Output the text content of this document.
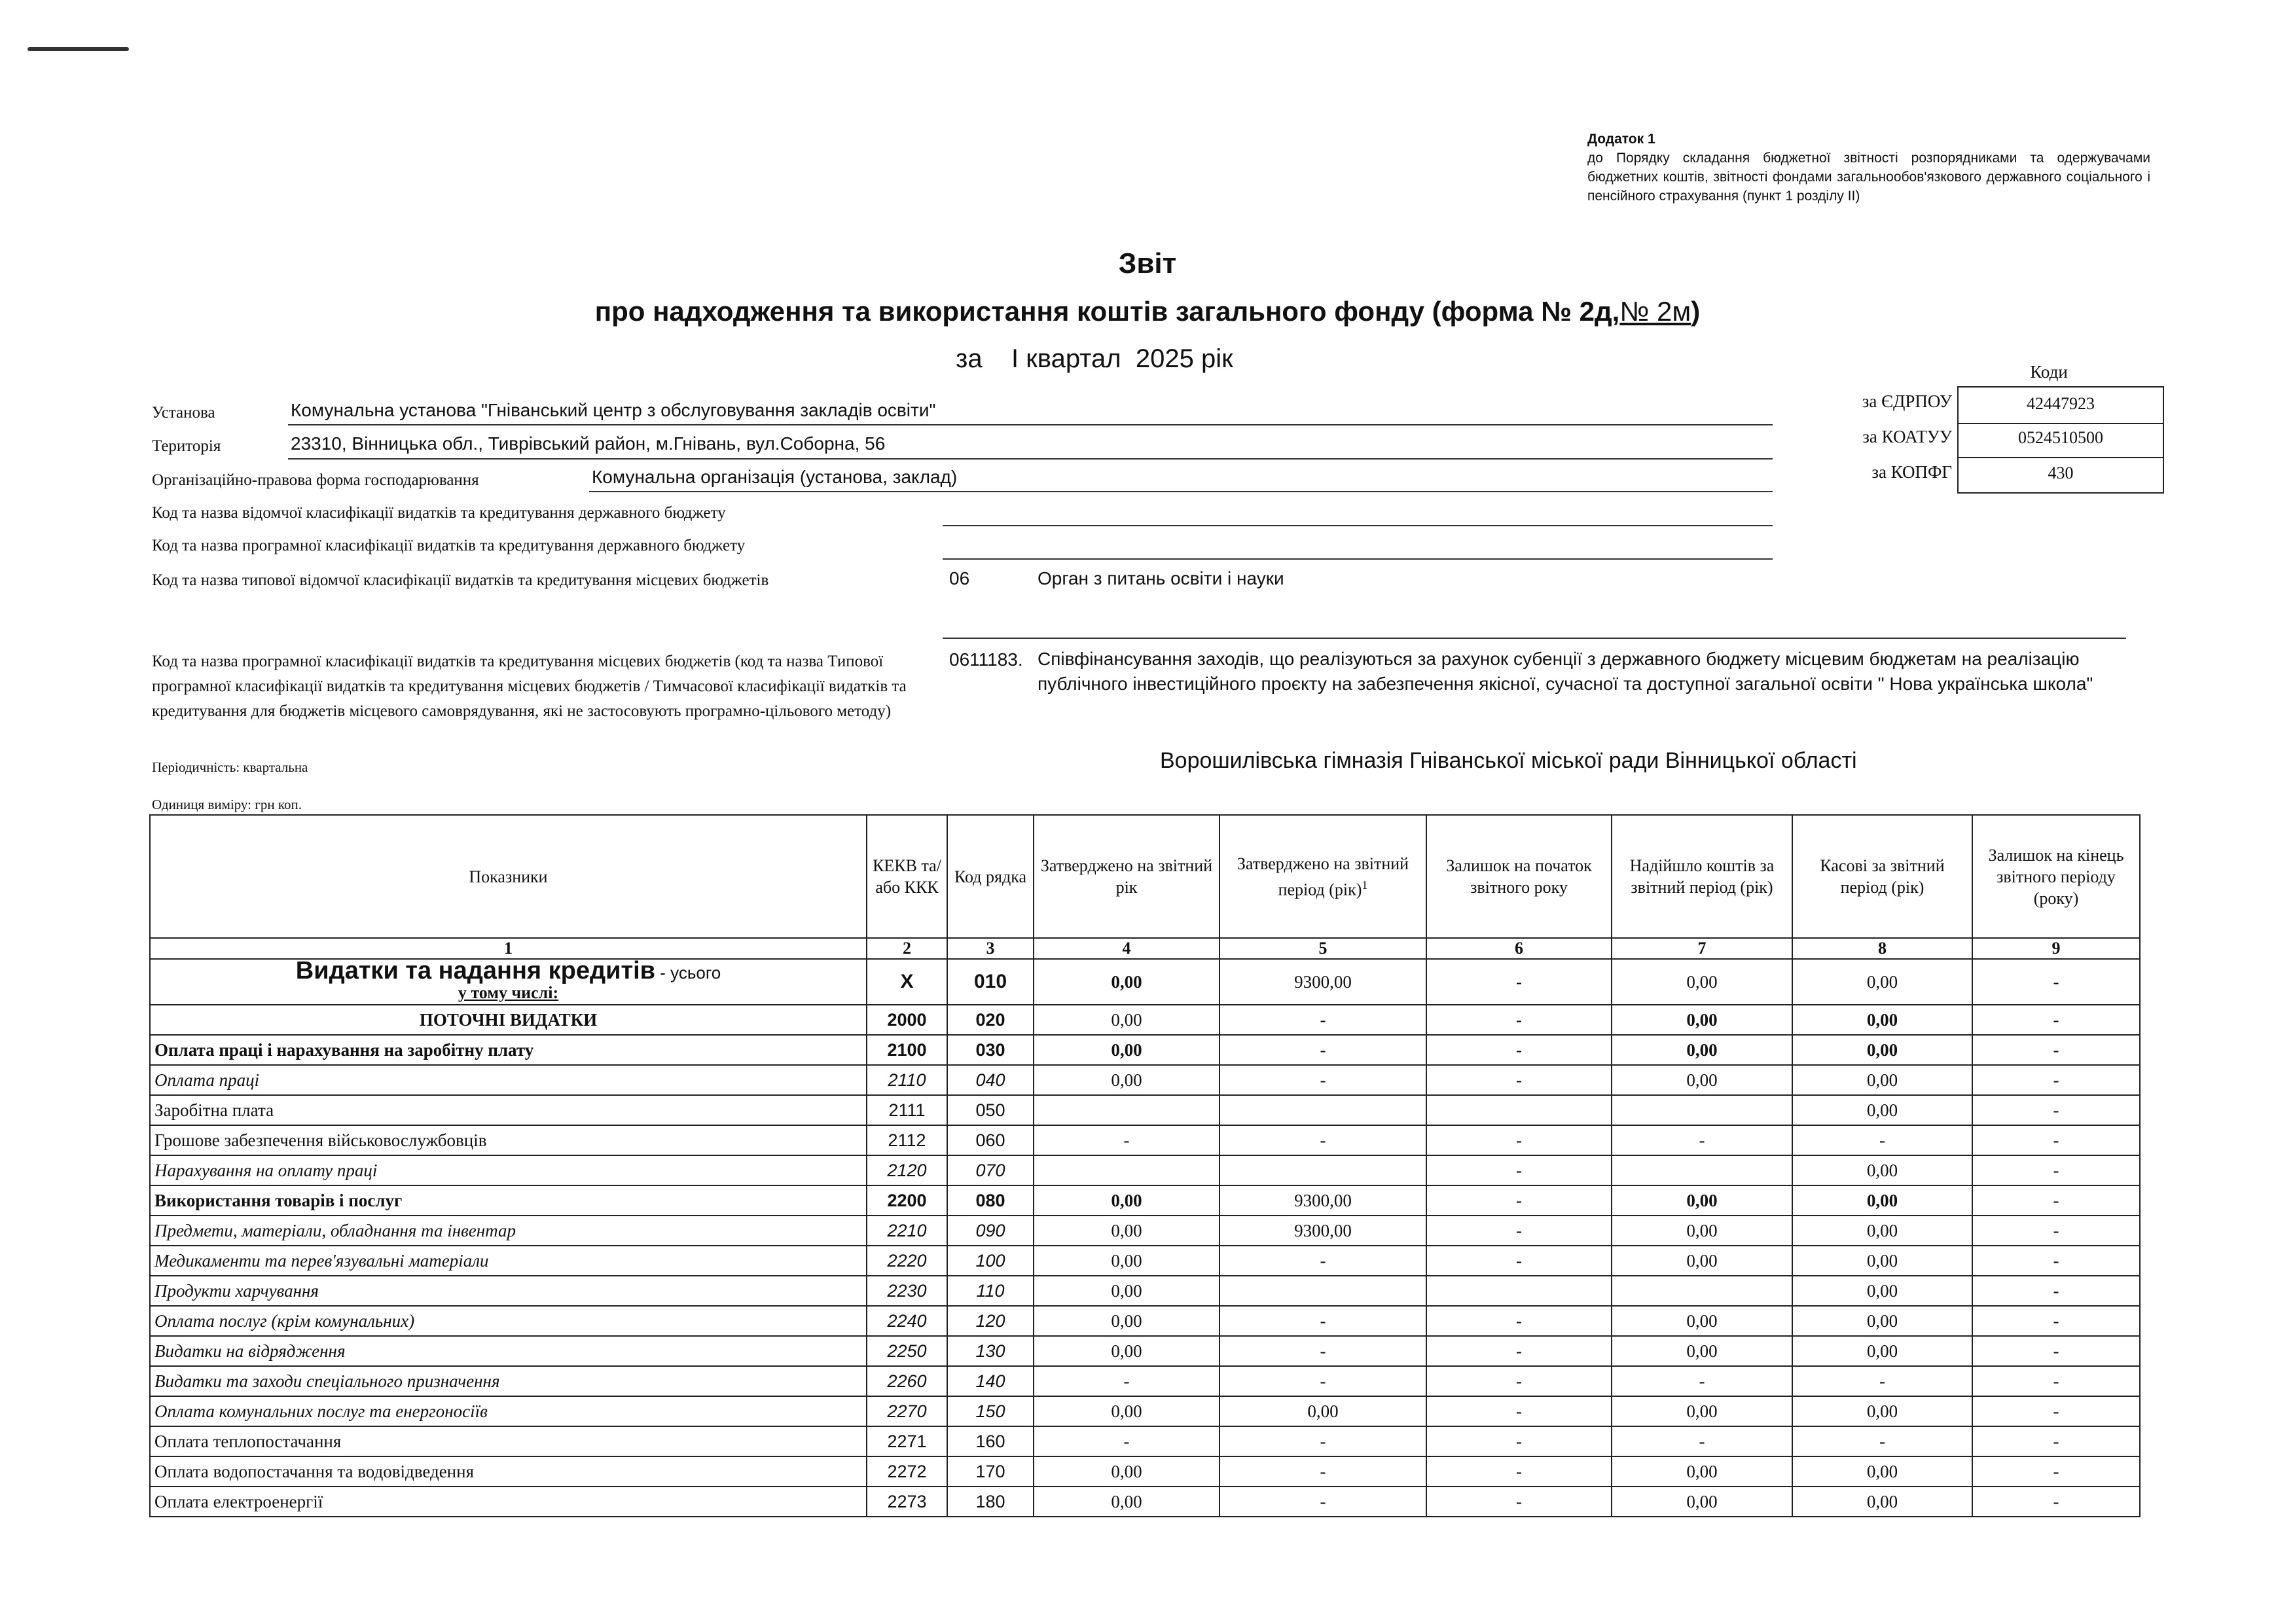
Додаток 1
до Порядку складання бюджетної звітності розпорядниками та одержувачами бюджетних коштів, звітності фондами загальнообов'язкового державного соціального і пенсійного страхування (пункт 1 розділу ІІ)
Звіт
про надходження та використання коштів загального фонду (форма № 2д,№ 2м)
за    I квартал  2025 рік	Коди
за ЄДРПОУ	42447923
за КОАТУУ	0524510500
за КОПФГ	430
Установа	Комунальна установа "Гніванський центр з обслуговування закладів освіти"
Територія	23310, Вінницька обл., Тиврівський район, м.Гнівань, вул.Соборна, 56
Організаційно-правова форма господарювання	Комунальна організація (установа, заклад)
Код та назва відомчої класифікації видатків та кредитування державного бюджету
Код та назва програмної класифікації видатків та кредитування державного бюджету
Код та назва типової відомчої класифікації видатків та кредитування місцевих бюджетів	06	Орган з питань освіти і науки
Код та назва програмної класифікації видатків та кредитування місцевих бюджетів (код та назва Типової програмної класифікації видатків та кредитування місцевих бюджетів / Тимчасової класифікації видатків та кредитування для бюджетів місцевого самоврядування, які не застосовують програмно-цільового методу)
0611183. Співфінансування заходів, що реалізуються за рахунок субенції з державного бюджету місцевим бюджетам на реалізацію публічного інвестиційного проєкту на забезпечення якісної, сучасної та доступної загальної освіти " Нова українська школа"
Періодичність: квартальна
Одиниця виміру: грн коп.
Ворошилівська гімназія Гніванської міської ради Вінницької області
Показники	КЕКВ та/або ККК	Код рядка	Затверджено на звітний рік	Затверджено на звітний період (рік)$^1$	Залишок на початок звітного року	Надійшло коштів за звітний період (рік)	Касові за звітний період (рік)	Залишок на кінець звітного періоду (року)
1	2	3	4	5	6	7	8	9
Видатки та надання кредитів - усього
у тому числі:	X	010	0,00	9300,00	-	0,00	0,00	-
ПОТОЧНІ ВИДАТКИ	2000	020	0,00	-	-	0,00	0,00	-
Оплата праці і нарахування на заробітну плату	2100	030	0,00	-	-	0,00	0,00	-
Оплата праці	2110	040	0,00	-	-	0,00	0,00	-
Заробітна плата	2111	050					0,00	-
Грошове забезпечення військовослужбовців	2112	060	-	-	-	-	-	-
Нарахування на оплату праці	2120	070			-		0,00	-
Використання товарів і послуг	2200	080	0,00	9300,00	-	0,00	0,00	-
Предмети, матеріали, обладнання та інвентар	2210	090	0,00	9300,00	-	0,00	0,00	-
Медикаменти та перев'язувальні матеріали	2220	100	0,00	-	-	0,00	0,00	-
Продукти харчування	2230	110	0,00				0,00	-
Оплата послуг (крім комунальних)	2240	120	0,00	-	-	0,00	0,00	-
Видатки на відрядження	2250	130	0,00	-	-	0,00	0,00	-
Видатки та заходи спеціального призначення	2260	140	-	-	-	-	-	-
Оплата комунальних послуг та енергоносіїв	2270	150	0,00	0,00	-	0,00	0,00	-
Оплата теплопостачання	2271	160	-	-	-	-	-	-
Оплата водопостачання та водовідведення	2272	170	0,00	-	-	0,00	0,00	-
Оплата електроенергії	2273	180	0,00	-	-	0,00	0,00	-
